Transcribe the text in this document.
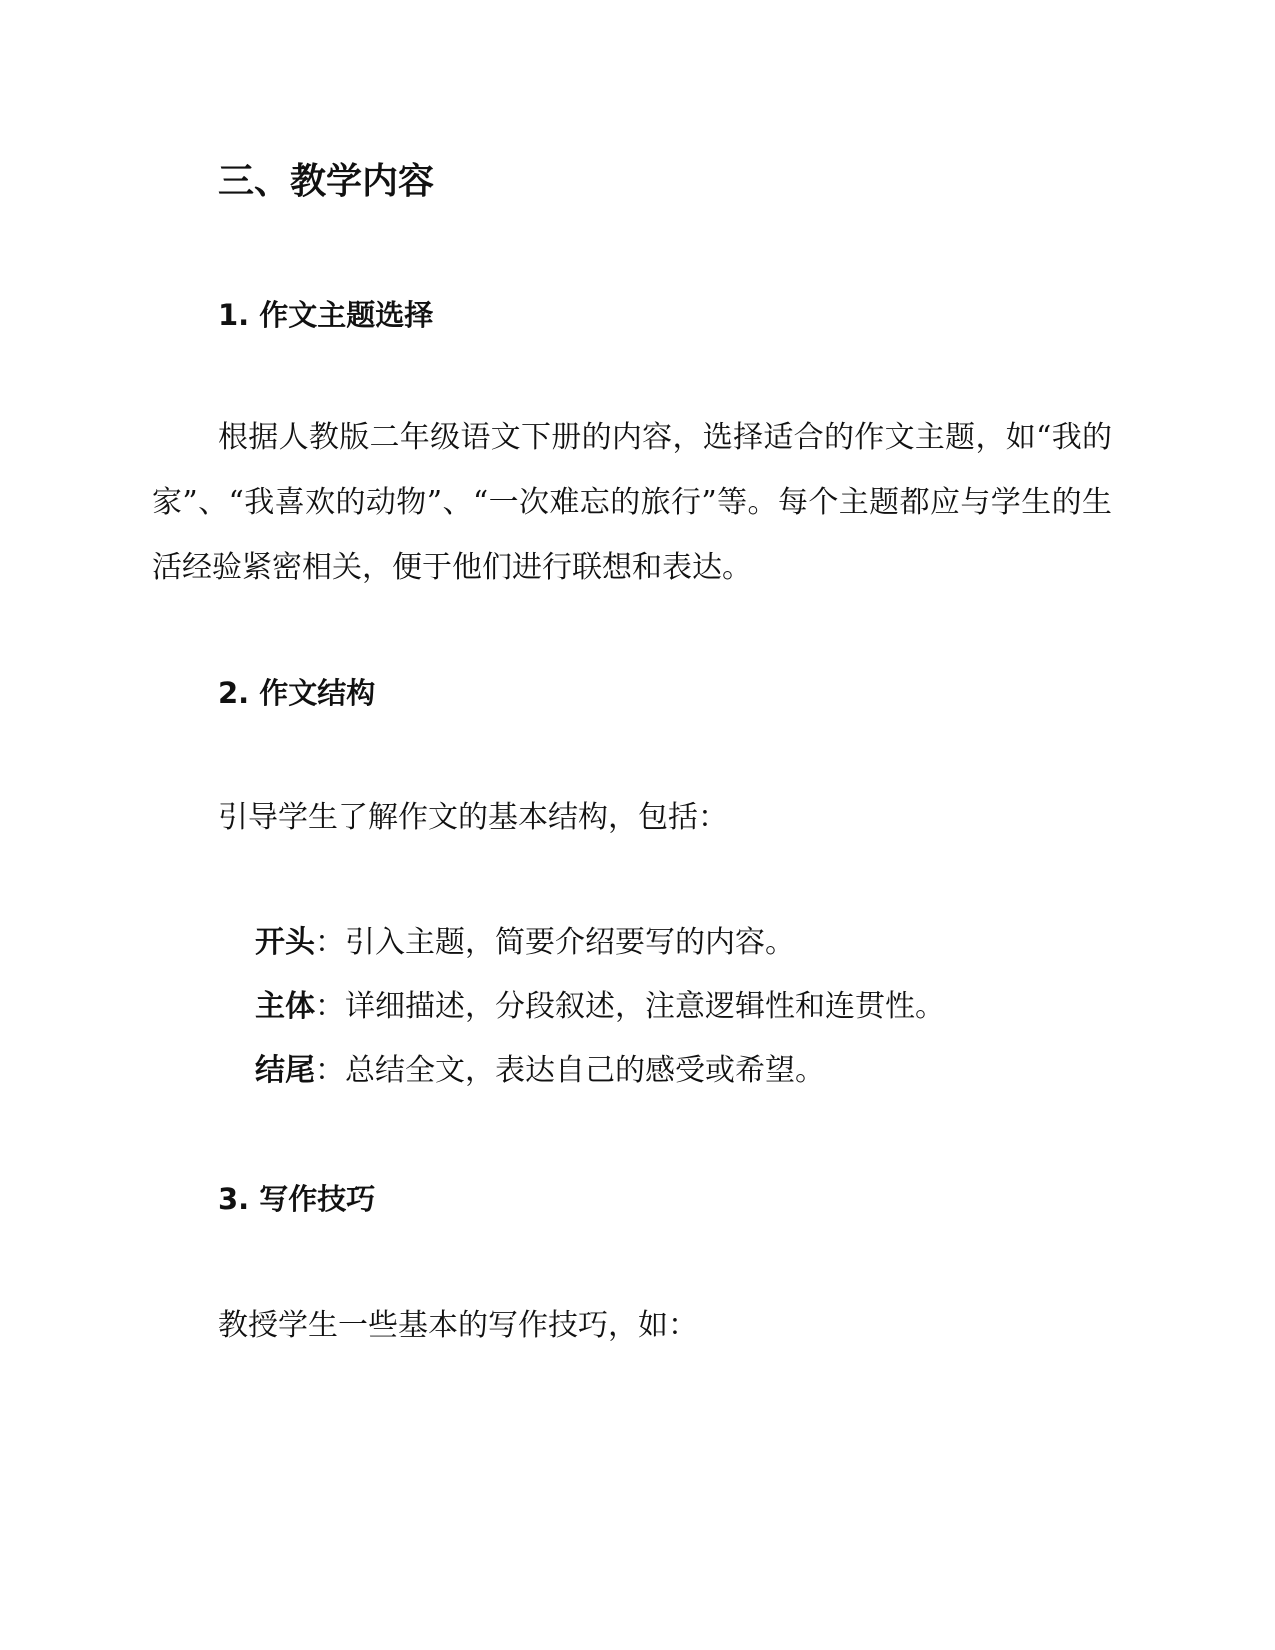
三、教学内容
1. 作文主题选择
根据人教版二年级语文下册的内容，选择适合的作文主题，如“我的家”、“我喜欢的动物”、“一次难忘的旅行”等。每个主题都应与学生的生活经验紧密相关，便于他们进行联想和表达。
2. 作文结构
引导学生了解作文的基本结构，包括：
开头：引入主题，简要介绍要写的内容。
主体：详细描述，分段叙述，注意逻辑性和连贯性。
结尾：总结全文，表达自己的感受或希望。
3. 写作技巧
教授学生一些基本的写作技巧，如：
